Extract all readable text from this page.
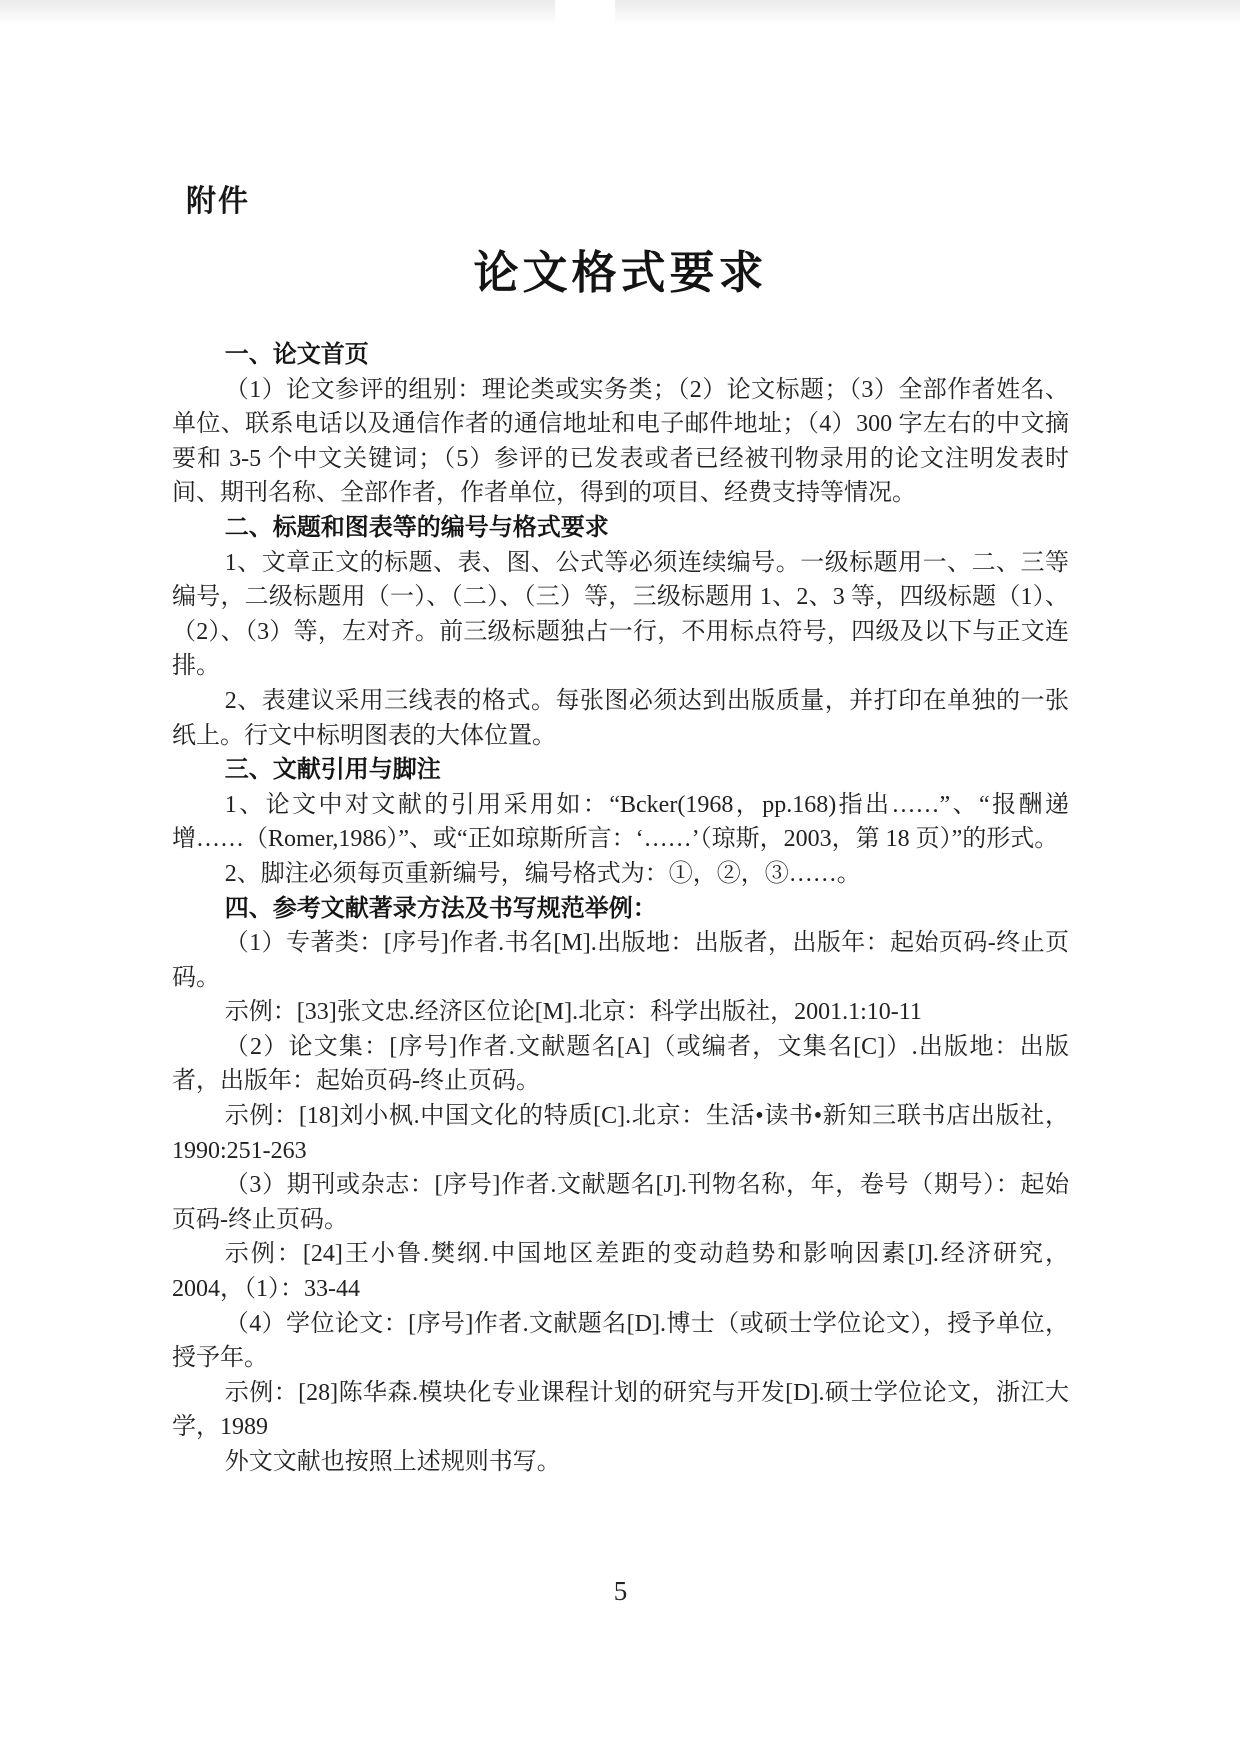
附件
论文格式要求
一、论文首页
（1）论文参评的组别：理论类或实务类；（2）论文标题；（3）全部作者姓名、单位、联系电话以及通信作者的通信地址和电子邮件地址；（4）300 字左右的中文摘要和 3-5 个中文关键词；（5）参评的已发表或者已经被刊物录用的论文注明发表时间、期刊名称、全部作者，作者单位，得到的项目、经费支持等情况。
二、标题和图表等的编号与格式要求
1、文章正文的标题、表、图、公式等必须连续编号。一级标题用一、二、三等编号，二级标题用（一）、（二）、（三）等，三级标题用 1、2、3 等，四级标题（1）、（2）、（3）等，左对齐。前三级标题独占一行，不用标点符号，四级及以下与正文连排。
2、表建议采用三线表的格式。每张图必须达到出版质量，并打印在单独的一张纸上。行文中标明图表的大体位置。
三、文献引用与脚注
1、论文中对文献的引用采用如：“Bcker(1968，pp.168)指出……”、“报酬递增……（Romer,1986）”、或“正如琼斯所言：‘……’（琼斯，2003，第 18 页）”的形式。
2、脚注必须每页重新编号，编号格式为：①，②，③……。
四、参考文献著录方法及书写规范举例：
（1）专著类：[序号]作者.书名[M].出版地：出版者，出版年：起始页码-终止页码。
示例：[33]张文忠.经济区位论[M].北京：科学出版社，2001.1:10-11
（2）论文集：[序号]作者.文献题名[A]（或编者，文集名[C]）.出版地：出版者，出版年：起始页码-终止页码。
示例：[18]刘小枫.中国文化的特质[C].北京：生活•读书•新知三联书店出版社，1990:251-263
（3）期刊或杂志：[序号]作者.文献题名[J].刊物名称，年，卷号（期号）：起始页码-终止页码。
示例：[24]王小鲁.樊纲.中国地区差距的变动趋势和影响因素[J].经济研究，2004，（1）：33-44
（4）学位论文：[序号]作者.文献题名[D].博士（或硕士学位论文），授予单位，授予年。
示例：[28]陈华森.模块化专业课程计划的研究与开发[D].硕士学位论文，浙江大学，1989
外文文献也按照上述规则书写。
5
